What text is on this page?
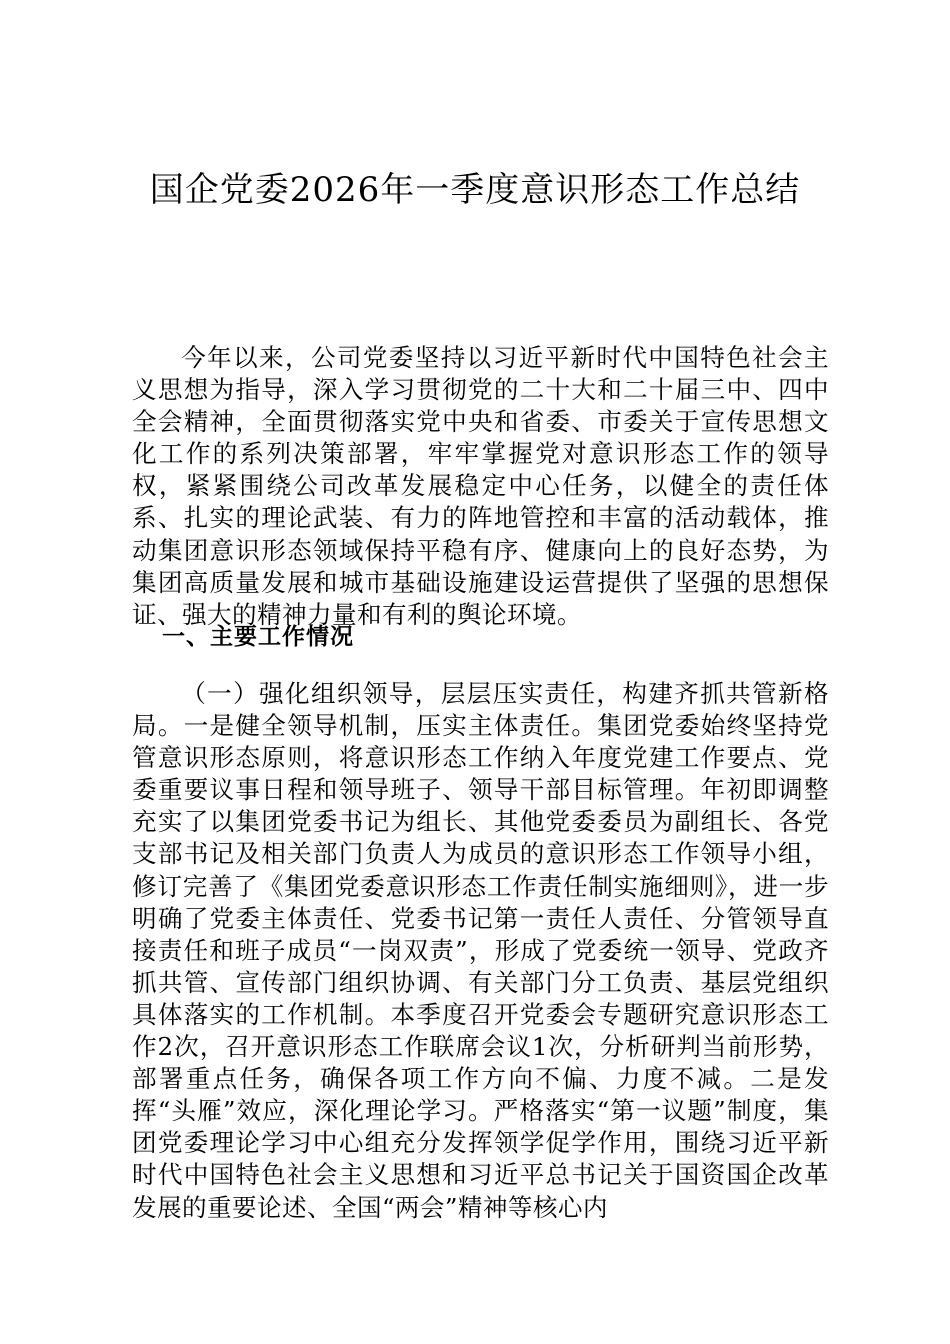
国企党委2026年一季度意识形态工作总结

今年以来，公司党委坚持以习近平新时代中国特色社会主义思想为指导，深入学习贯彻党的二十大和二十届三中、四中全会精神，全面贯彻落实党中央和省委、市委关于宣传思想文化工作的系列决策部署，牢牢掌握党对意识形态工作的领导权，紧紧围绕公司改革发展稳定中心任务，以健全的责任体系、扎实的理论武装、有力的阵地管控和丰富的活动载体，推动集团意识形态领域保持平稳有序、健康向上的良好态势，为集团高质量发展和城市基础设施建设运营提供了坚强的思想保证、强大的精神力量和有利的舆论环境。

一、主要工作情况

（一）强化组织领导，层层压实责任，构建齐抓共管新格局。一是健全领导机制，压实主体责任。集团党委始终坚持党管意识形态原则，将意识形态工作纳入年度党建工作要点、党委重要议事日程和领导班子、领导干部目标管理。年初即调整充实了以集团党委书记为组长、其他党委委员为副组长、各党支部书记及相关部门负责人为成员的意识形态工作领导小组，修订完善了《集团党委意识形态工作责任制实施细则》，进一步明确了党委主体责任、党委书记第一责任人责任、分管领导直接责任和班子成员“一岗双责”，形成了党委统一领导、党政齐抓共管、宣传部门组织协调、有关部门分工负责、基层党组织具体落实的工作机制。本季度召开党委会专题研究意识形态工作2次，召开意识形态工作联席会议1次，分析研判当前形势，部署重点任务，确保各项工作方向不偏、力度不减。二是发挥“头雁”效应，深化理论学习。严格落实“第一议题”制度，集团党委理论学习中心组充分发挥领学促学作用，围绕习近平新时代中国特色社会主义思想和习近平总书记关于国资国企改革发展的重要论述、全国“两会”精神等核心内
